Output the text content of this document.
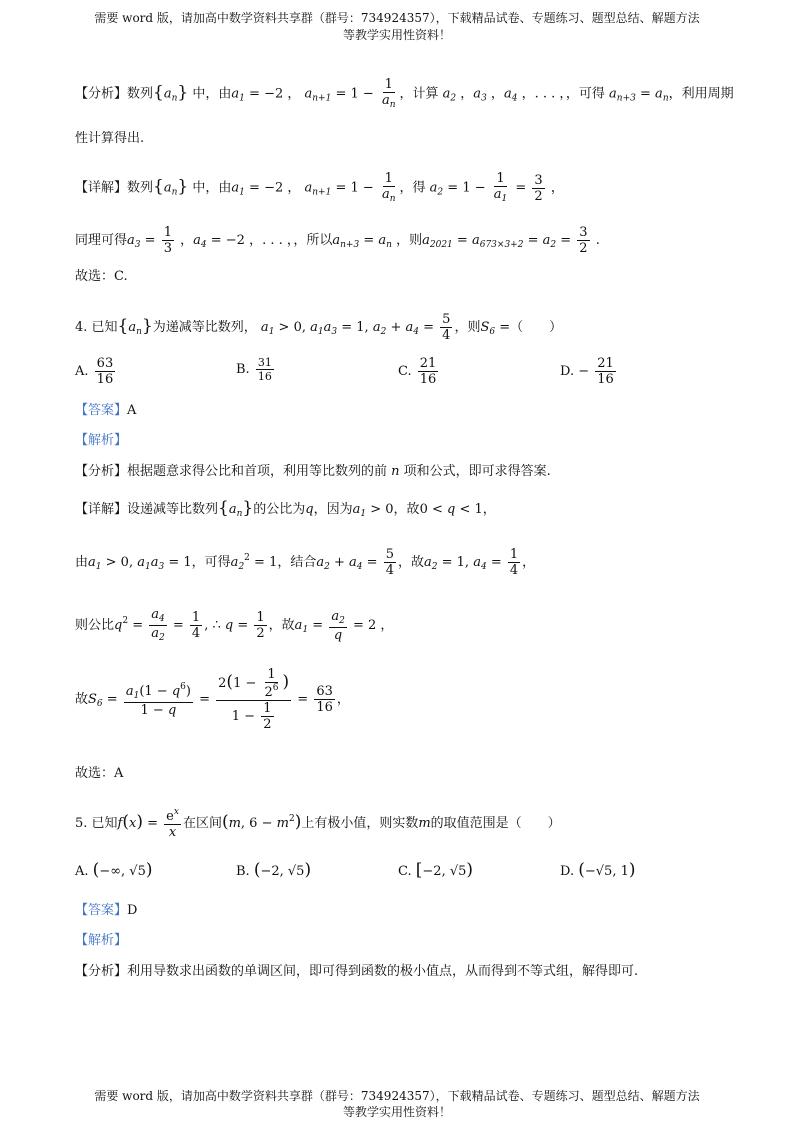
需要 word 版，请加高中数学资料共享群（群号：734924357），下载精品试卷、专题练习、题型总结、解题方法
等教学实用性资料！
【分析】数列$\{a_n\}$ 中，由$a_1 = -2$ ， $a_{n+1} = 1 - \frac{1}{a_n}$ ，计算 $a_2$ ，$a_3$ ，$a_4$ ，. . . ，，可得 $a_{n+3} = a_n$，利用周期
性计算得出.
【详解】数列$\{a_n\}$ 中，由$a_1 = -2$ ， $a_{n+1} = 1 - \frac{1}{a_n}$ ，得 $a_2 = 1 - \frac{1}{a_1} = \frac{3}{2}$ ，
同理可得$a_3 = \frac{1}{3}$ ，$a_4 = -2$ ，. . . ，，所以$a_{n+3} = a_n$ ，则$a_{2021} = a_{673\times 3+2} = a_2 = \frac{3}{2}$ .
故选：C.
4. 已知$\{a_n\}$为递减等比数列， $a_1 > 0$, $a_1a_3 = 1$, $a_2 + a_4 = \frac{5}{4}$ ，则$S_6$ =（　　）
A. $\frac{63}{16}$	B. $\frac{31}{16}$	C. $\frac{21}{16}$	D. − $\frac{21}{16}$
【答案】A
【解析】
【分析】根据题意求得公比和首项，利用等比数列的前 n 项和公式，即可求得答案.
【详解】设递减等比数列$\{a_n\}$的公比为q，因为$a_1 > 0$，故0 < q < 1，
由$a_1 > 0$, $a_1a_3 = 1$，可得$a_2^2 = 1$，结合$a_2 + a_4 = \frac{5}{4}$ ，故$a_2 = 1$, $a_4 = \frac{1}{4}$ ，
则公比$q^2 = \frac{a_4}{a_2} = \frac{1}{4}$ , ∴ $q = \frac{1}{2}$ ，故$a_1 = \frac{a_2}{q} = 2$ ，
故$S_6 = \frac{a_1(1 - q^6)}{1 - q} = \frac{2(1 - \frac{1}{2^6} )}{1 - \frac{1}{2}} = \frac{63}{16}$ ，
故选：A
5. 已知$f(x) = \frac{e^x}{x}$ 在区间(m, $6 - m^2$)上有极小值，则实数m的取值范围是（　　）
A. (−∞, √5)	B. (−2, √5)	C. [−2, √5)	D. (−√5, 1)
【答案】D
【解析】
【分析】利用导数求出函数的单调区间，即可得到函数的极小值点，从而得到不等式组，解得即可.
需要 word 版，请加高中数学资料共享群（群号：734924357），下载精品试卷、专题练习、题型总结、解题方法
等教学实用性资料！
